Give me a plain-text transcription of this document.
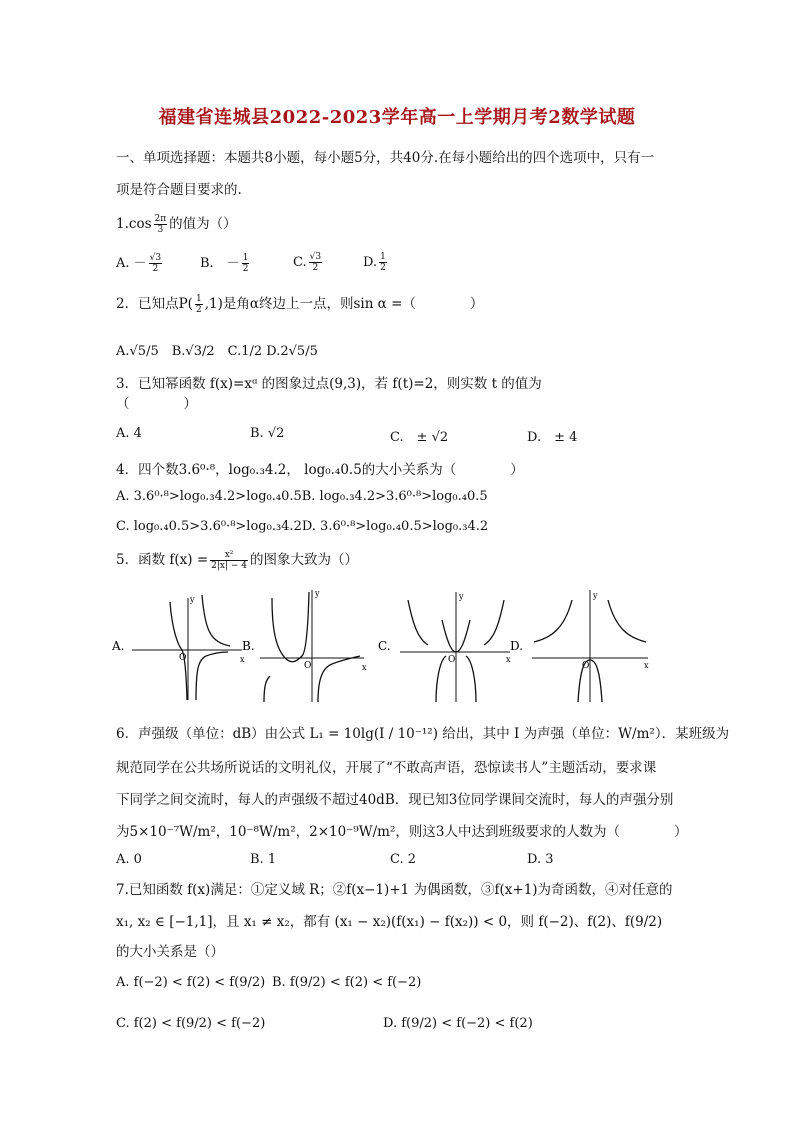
福建省连城县2022-2023学年高一上学期月考2数学试题
一、单项选择题：本题共8小题，每小题5分，共40分.在每小题给出的四个选项中，只有一
项是符合题目要求的.
$1.\cos \frac{2\pi}{3}$ 的值为（）
A. － $\frac{√3}{2}$	B.　－ $\frac{1}{2}$	C. $\frac{√3}{2}$	D. $\frac{1}{2}$
2．已知点$P( \frac{1}{2} ,1)$是角α终边上一点，则sin α =（　　　　）
A.√5/5　B.√3/2　C.1/2 D.2√5/5
3．已知幂函数 f(x)=xᵅ 的图象过点(9,3)，若 f(t)=2，则实数 t 的值为
（　　　　）
A. 4	B. √2	C.　± √2	D.　± 4
4．四个数3.6⁰·⁸，log₀.₃4.2， log₀.₄0.5的大小关系为（　　　　）
A. 3.6⁰·⁸>log₀.₃4.2>log₀.₄0.5B. log₀.₃4.2>3.6⁰·⁸>log₀.₄0.5
C. log₀.₄0.5>3.6⁰·⁸>log₀.₃4.2D. 3.6⁰·⁸>log₀.₄0.5>log₀.₃4.2
5．函数 $f(x) = \frac{\text{x²}}{2|x| - 4}$ 的图象大致为（）
A.
y
x
O
B.
y
x
O
C.
y
x
O
D.
y
x
O
6．声强级（单位：dB）由公式 L₁ = 10lg(I / 10⁻¹²) 给出，其中 I 为声强（单位：W/m²）．某班级为
规范同学在公共场所说话的文明礼仪，开展了“不敢高声语，恐惊读书人”主题活动，要求课
下同学之间交流时，每人的声强级不超过40dB．现已知3位同学课间交流时，每人的声强分别
为5×10⁻⁷W/m²，10⁻⁸W/m²，2×10⁻⁹W/m²，则这3人中达到班级要求的人数为（　　　　）
A. 0	B. 1	C. 2	D. 3
7.已知函数 f(x)满足：①定义域 R；②f(x−1)+1 为偶函数，③f(x+1)为奇函数，④对任意的
x₁, x₂ ∈ [−1,1]，且 x₁ ≠ x₂，都有 (x₁ − x₂)(f(x₁) − f(x₂)) < 0，则 f(−2)、f(2)、f(9/2)
的大小关系是（）
A. f(−2) < f(2) < f(9/2) B. f(9/2) < f(2) < f(−2)
C. f(2) < f(9/2) < f(−2)	D. f(9/2) < f(−2) < f(2)
